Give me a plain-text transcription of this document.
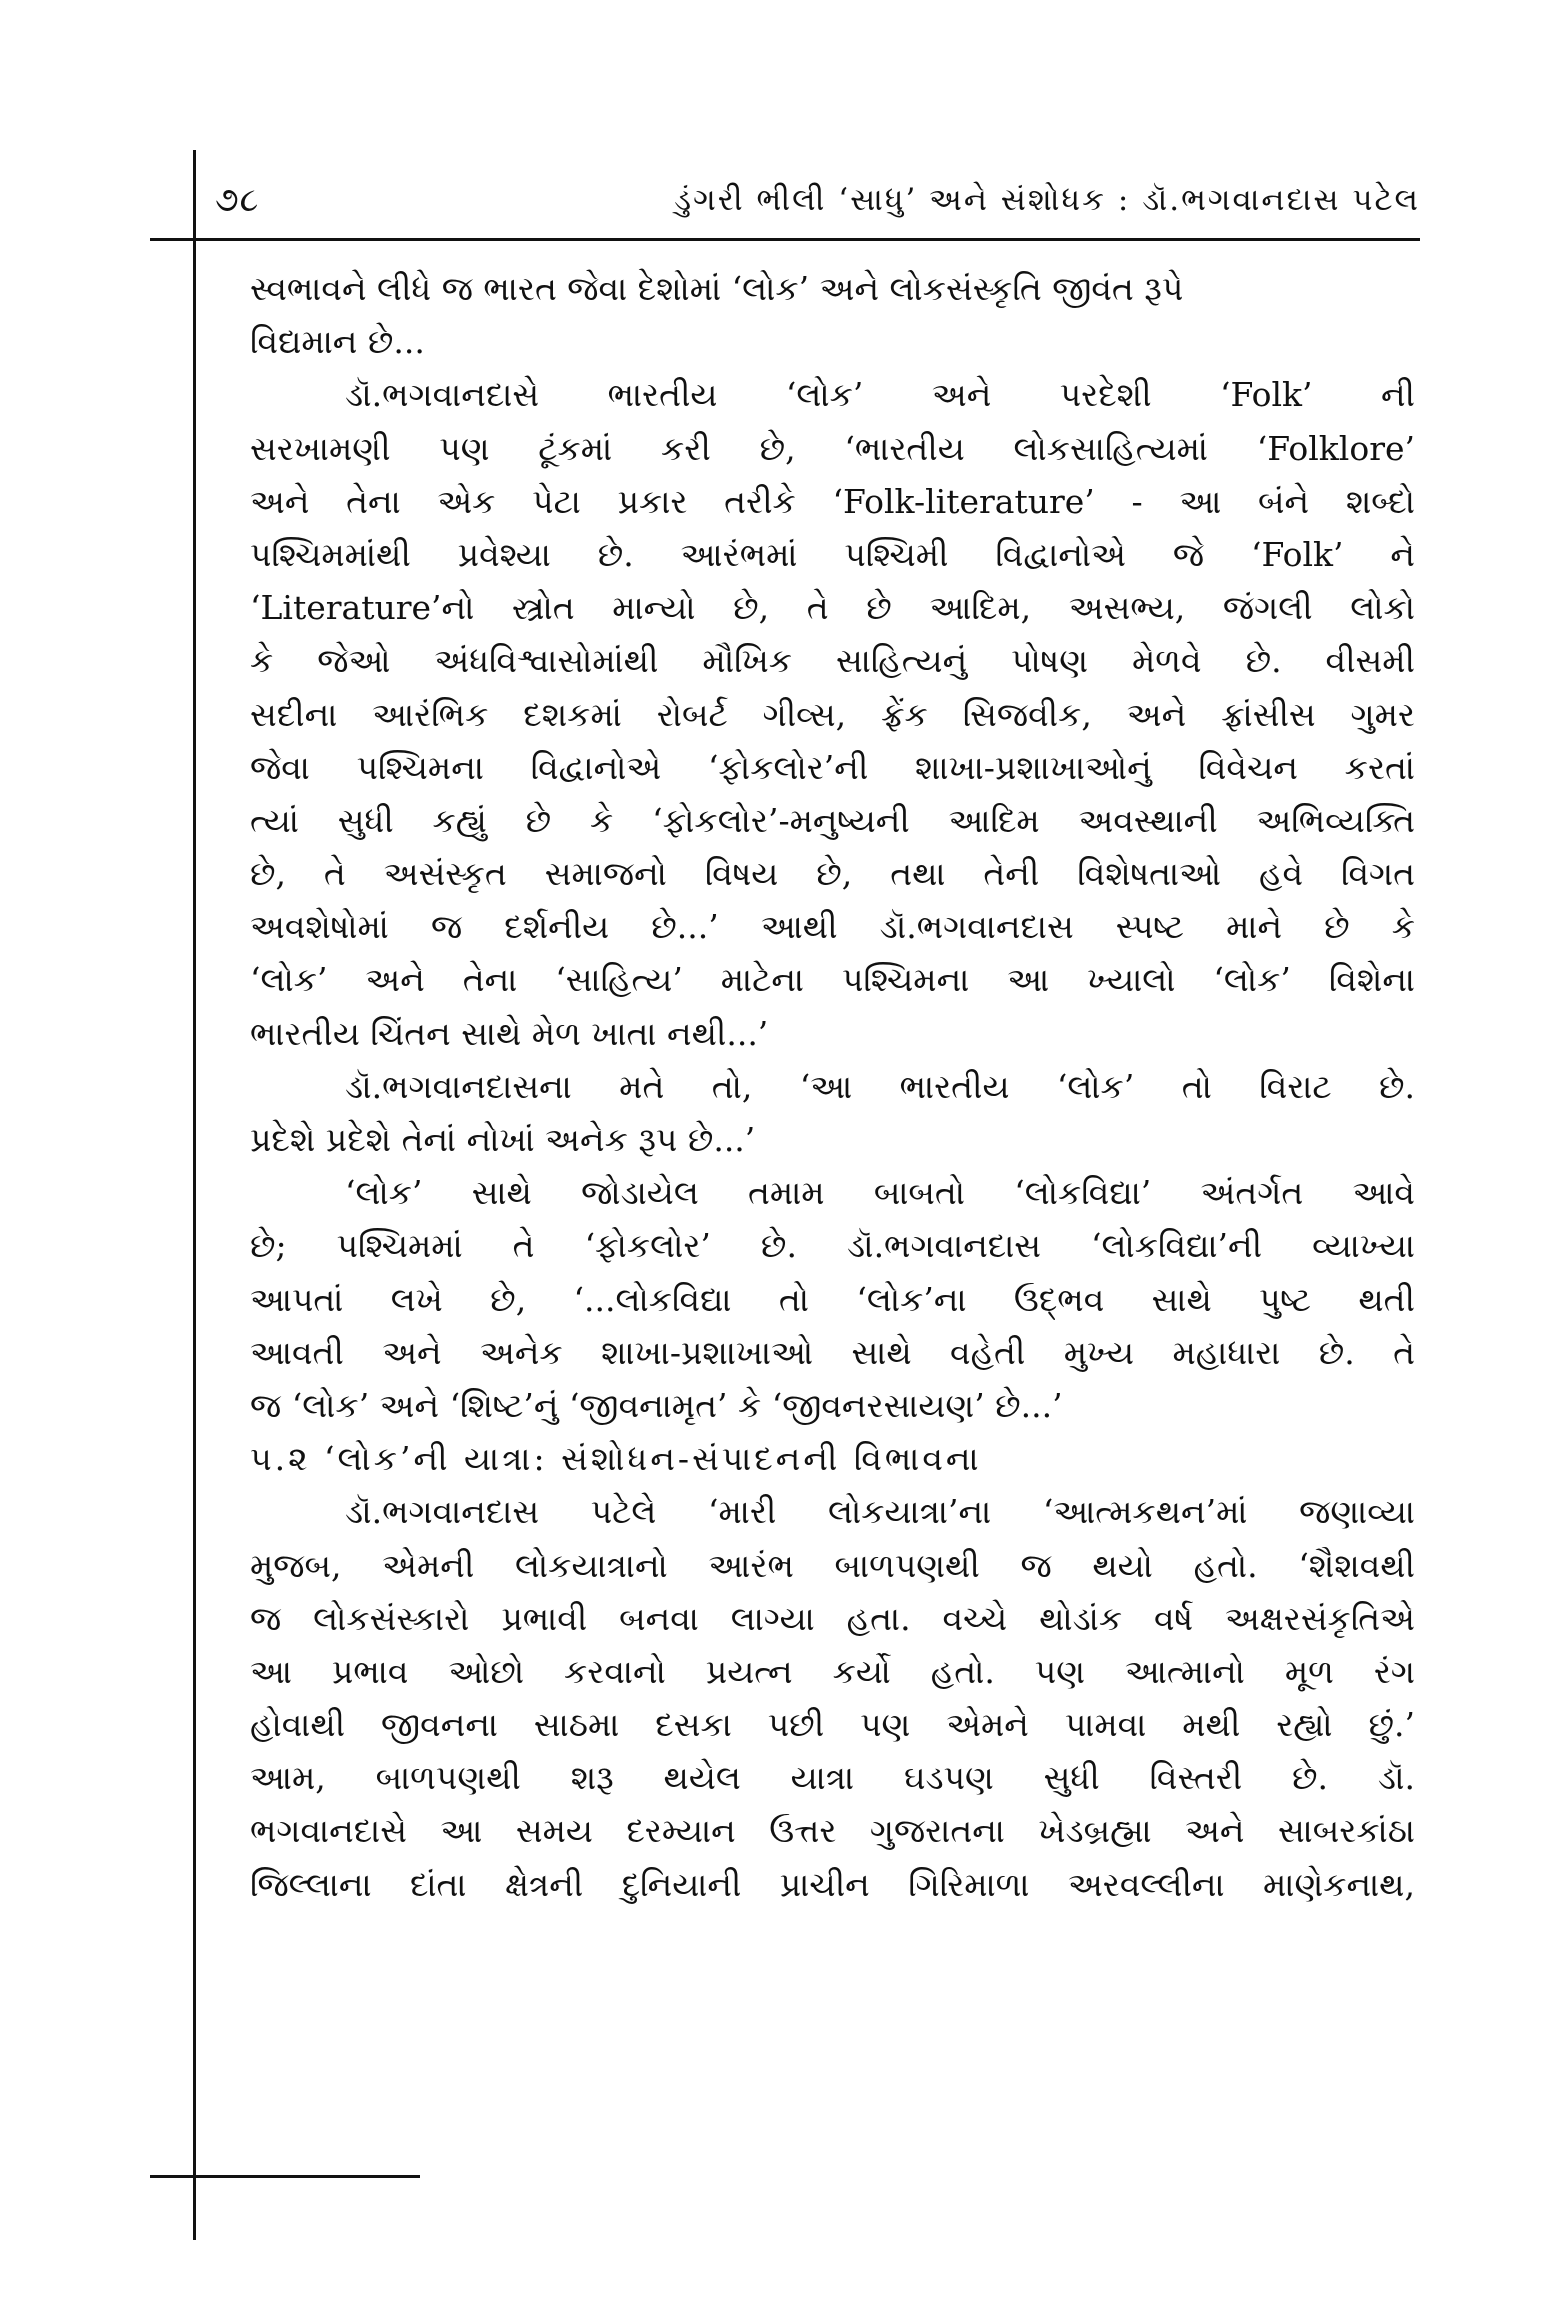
૭૮	ડુંગરી ભીલી ‘સાધુ’ અને સંશોધક : ડૉ.ભગવાનદાસ પટેલ
સ્વભાવને લીધે જ ભારત જેવા દેશોમાં ‘લોક’ અને લોકસંસ્કૃતિ જીવંત રૂપે
વિદ્યમાન છે...
ડૉ.ભગવાનદાસે ભારતીય ‘લોક’ અને પરદેશી ‘Folk’ ની
સરખામણી પણ ટૂંકમાં કરી છે, ‘ભારતીય લોકસાહિત્યમાં ‘Folklore’
અને તેના એક પેટા પ્રકાર તરીકે ‘Folk-literature’ - આ બંને શબ્દો
પશ્ચિમમાંથી પ્રવેશ્યા છે. આરંભમાં પશ્ચિમી વિદ્વાનોએ જે ‘Folk’ ને
‘Literature’નો સ્ત્રોત માન્યો છે, તે છે આદિમ, અસભ્ય, જંગલી લોકો
કે જેઓ અંધવિશ્વાસોમાંથી મૌખિક સાહિત્યનું પોષણ મેળવે છે. વીસમી
સદીના આરંભિક દશકમાં રોબર્ટ ગીવ્સ, ફ્રેંક સિજવીક, અને ફ્રાંસીસ ગુમર
જેવા પશ્ચિમના વિદ્વાનોએ ‘ફોકલોર’ની શાખા-પ્રશાખાઓનું વિવેચન કરતાં
ત્યાં સુધી કહ્યું છે કે ‘ફોકલોર’-મનુષ્યની આદિમ અવસ્થાની અભિવ્યક્તિ
છે, તે અસંસ્કૃત સમાજનો વિષય છે, તથા તેની વિશેષતાઓ હવે વિગત
અવશેષોમાં જ દર્શનીય છે...’ આથી ડૉ.ભગવાનદાસ સ્પષ્ટ માને છે કે
‘લોક’ અને તેના ‘સાહિત્ય’ માટેના પશ્ચિમના આ ખ્યાલો ‘લોક’ વિશેના
ભારતીય ચિંતન સાથે મેળ ખાતા નથી...’
ડૉ.ભગવાનદાસના મતે તો, ‘આ ભારતીય ‘લોક’ તો વિરાટ છે.
પ્રદેશે પ્રદેશે તેનાં નોખાં અનેક રૂપ છે...’
‘લોક’ સાથે જોડાયેલ તમામ બાબતો ‘લોકવિદ્યા’ અંતર્ગત આવે
છે; પશ્ચિમમાં તે ‘ફોકલોર’ છે. ડૉ.ભગવાનદાસ ‘લોકવિદ્યા’ની વ્યાખ્યા
આપતાં લખે છે, ‘...લોકવિદ્યા તો ‘લોક’ના ઉદ્‌ભવ સાથે પુષ્ટ થતી
આવતી અને અનેક શાખા-પ્રશાખાઓ સાથે વહેતી મુખ્ય મહાધારા છે. તે
જ ‘લોક’ અને ‘શિષ્ટ’નું ‘જીવનામૃત’ કે ‘જીવનરસાયણ’ છે...’
૫.૨ ‘લોક’ની યાત્રા: સંશોધન-સંપાદનની વિભાવના
ડૉ.ભગવાનદાસ પટેલે ‘મારી લોકયાત્રા’ના ‘આત્મકથન’માં જણાવ્યા
મુજબ, એમની લોકયાત્રાનો આરંભ બાળપણથી જ થયો હતો. ‘શૈશવથી
જ લોકસંસ્કારો પ્રભાવી બનવા લાગ્યા હતા. વચ્ચે થોડાંક વર્ષ અક્ષરસંકૃતિએ
આ પ્રભાવ ઓછો કરવાનો પ્રયત્ન કર્યો હતો. પણ આત્માનો મૂળ રંગ
હોવાથી જીવનના સાઠમા દસકા પછી પણ એમને પામવા મથી રહ્યો છું.’
આમ, બાળપણથી શરૂ થયેલ યાત્રા ઘડપણ સુધી વિસ્તરી છે. ડૉ.
ભગવાનદાસે આ સમય દરમ્યાન ઉત્તર ગુજરાતના ખેડબ્રહ્મા અને સાબરકાંઠા
જિલ્લાના દાંતા ક્ષેત્રની દુનિયાની પ્રાચીન ગિરિમાળા અરવલ્લીના માણેકનાથ,
